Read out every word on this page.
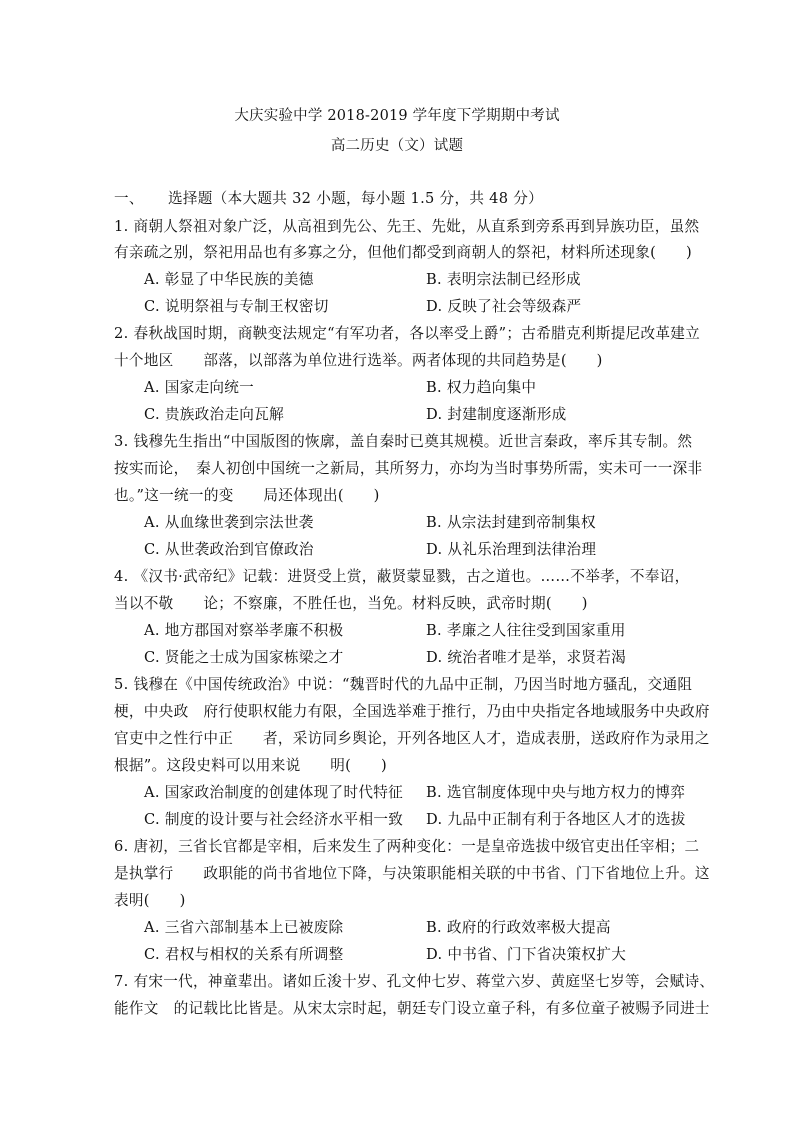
大庆实验中学 2018-2019 学年度下学期期中考试
高二历史（文）试题
一、 选择题（本大题共 32 小题，每小题 1.5 分，共 48 分）
1. 商朝人祭祖对象广泛，从高祖到先公、先王、先妣，从直系到旁系再到异族功臣，虽然
有亲疏之别，祭祀用品也有多寡之分，但他们都受到商朝人的祭祀，材料所述现象(　　)
A. 彰显了中华民族的美德	B. 表明宗法制已经形成
C. 说明祭祖与专制王权密切	D. 反映了社会等级森严
2. 春秋战国时期，商鞅变法规定“有军功者，各以率受上爵”；古希腊克利斯提尼改革建立
十个地区　　部落，以部落为单位进行选举。两者体现的共同趋势是(　　)
A. 国家走向统一	B. 权力趋向集中
C. 贵族政治走向瓦解	D. 封建制度逐渐形成
3. 钱穆先生指出“中国版图的恢廓，盖自秦时已奠其规模。近世言秦政，率斥其专制。然
按实而论，　秦人初创中国统一之新局，其所努力，亦均为当时事势所需，实未可一一深非
也。”这一统一的变　　局还体现出(　　)
A. 从血缘世袭到宗法世袭	B. 从宗法封建到帝制集权
C. 从世袭政治到官僚政治	D. 从礼乐治理到法律治理
4. 《汉书·武帝纪》记载：进贤受上赏，蔽贤蒙显戮，古之道也。……不举孝，不奉诏，
当以不敬　　论；不察廉，不胜任也，当免。材料反映，武帝时期(　　)
A. 地方郡国对察举孝廉不积极	B. 孝廉之人往往受到国家重用
C. 贤能之士成为国家栋梁之才	D. 统治者唯才是举，求贤若渴
5. 钱穆在《中国传统政治》中说：“魏晋时代的九品中正制，乃因当时地方骚乱，交通阻
梗，中央政　府行使职权能力有限，全国选举难于推行，乃由中央指定各地域服务中央政府
官吏中之性行中正　　者，采访同乡舆论，开列各地区人才，造成表册，送政府作为录用之
根据”。这段史料可以用来说　　明(　　)
A. 国家政治制度的创建体现了时代特征 B. 选官制度体现中央与地方权力的博弈
C. 制度的设计要与社会经济水平相一致 D. 九品中正制有利于各地区人才的选拔
6. 唐初，三省长官都是宰相，后来发生了两种变化：一是皇帝选拔中级官吏出任宰相；二
是执掌行　　政职能的尚书省地位下降，与决策职能相关联的中书省、门下省地位上升。这
表明(　　)
A. 三省六部制基本上已被废除	B. 政府的行政效率极大提高
C. 君权与相权的关系有所调整	D. 中书省、门下省决策权扩大
7. 有宋一代，神童辈出。诸如丘浚十岁、孔文仲七岁、蒋堂六岁、黄庭坚七岁等，会赋诗、
能作文　的记载比比皆是。从宋太宗时起，朝廷专门设立童子科，有多位童子被赐予同进士
